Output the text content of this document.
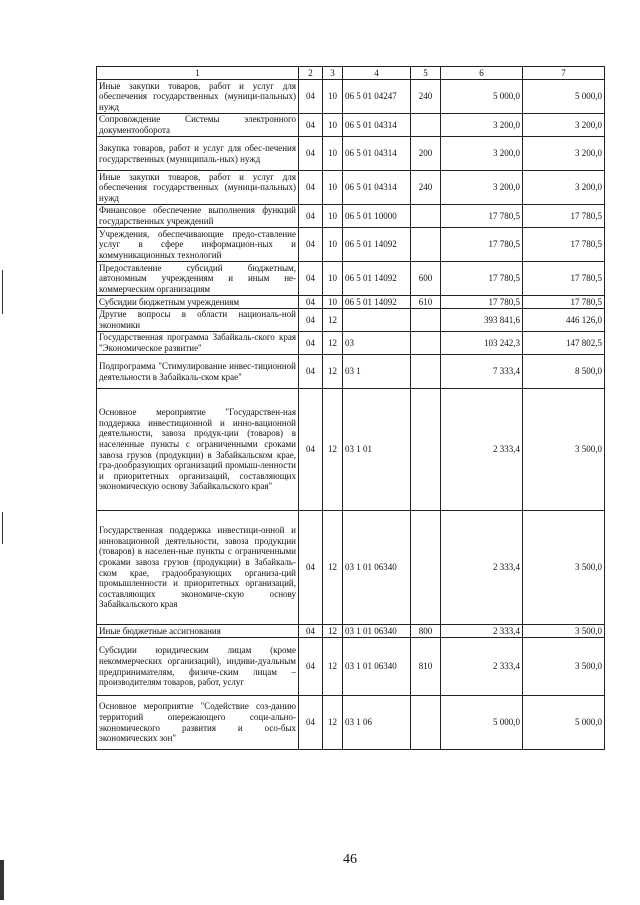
1	2	3	4	5	6	7
Иные закупки товаров, работ и услуг для обеспечения государственных (муници-пальных) нужд	04	10	06 5 01 04247	240	5 000,0	5 000,0
Сопровождение Системы электронного документооборота	04	10	06 5 01 04314		3 200,0	3 200,0
Закупка товаров, работ и услуг для обес-печения государственных (муниципаль-ных) нужд	04	10	06 5 01 04314	200	3 200,0	3 200,0
Иные закупки товаров, работ и услуг для обеспечения государственных (муници-пальных) нужд	04	10	06 5 01 04314	240	3 200,0	3 200,0
Финансовое обеспечение выполнения функций государственных учреждений	04	10	06 5 01 10000		17 780,5	17 780,5
Учреждения, обеспечивающие предо-ставление услуг в сфере информацион-ных и коммуникационных технологий	04	10	06 5 01 14092		17 780,5	17 780,5
Предоставление субсидий бюджетным, автономным учреждениям и иным не-коммерческим организациям	04	10	06 5 01 14092	600	17 780,5	17 780,5
Субсидии бюджетным учреждениям	04	10	06 5 01 14092	610	17 780,5	17 780,5
Другие вопросы в области националь-ной экономики	04	12			393 841,6	446 126,0
Государственная программа Забайкаль-ского края "Экономическое развитие"	04	12	03		103 242,3	147 802,5
Подпрограмма "Стимулирование инвес-тиционной деятельности в Забайкаль-ском крае"	04	12	03 1		7 333,4	8 500,0
Основное мероприятие "Государствен-ная поддержка инвестиционной и инно-вационной деятельности, завоза продук-ции (товаров) в населенные пункты с ограниченными сроками завоза грузов (продукции) в Забайкальском крае, гра-дообразующих организаций промыш-ленности и приоритетных организаций, составляющих экономическую основу Забайкальского края"	04	12	03 1 01		2 333,4	3 500,0
Государственная поддержка инвестици-онной и инновационной деятельности, завоза продукции (товаров) в населен-ные пункты с ограниченными сроками завоза грузов (продукции) в Забайкаль-ском крае, градообразующих организа-ций промышленности и приоритетных организаций, составляющих экономиче-скую основу Забайкальского края	04	12	03 1 01 06340		2 333,4	3 500,0
Иные бюджетные ассигнования	04	12	03 1 01 06340	800	2 333,4	3 500,0
Субсидии юридическим лицам (кроме некоммерческих организаций), индиви-дуальным предпринимателям, физиче-ским лицам – производителям товаров, работ, услуг	04	12	03 1 01 06340	810	2 333,4	3 500,0
Основное мероприятие "Содействие соз-данию территорий опережающего соци-ально-экономического развития и осо-бых экономических зон"	04	12	03 1 06		5 000,0	5 000,0
46
